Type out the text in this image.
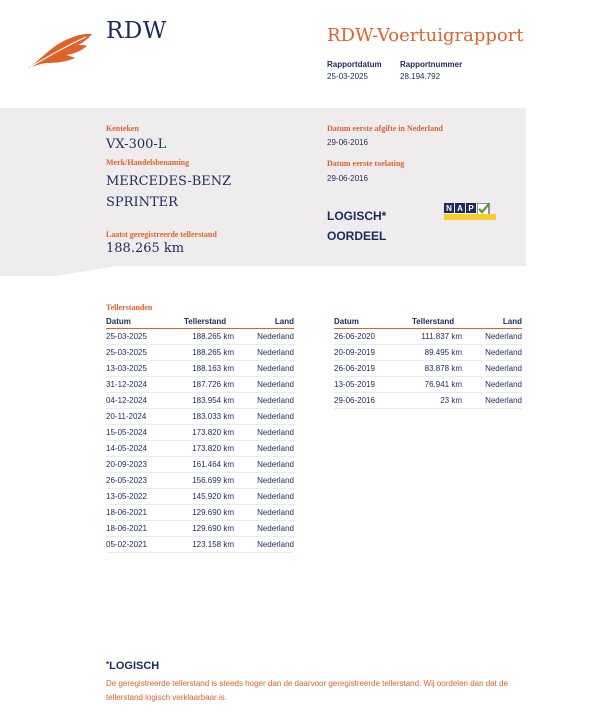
RDW	RDW-Voertuigrapport
Rapportdatum
25-03-2025
Rapportnummer
28.194.792
Kenteken
VX-300-L
Merk/Handelsbenaming
MERCEDES-BENZ
SPRINTER
Laatst geregistreerde tellerstand
188.265 km
Datum eerste afgifte in Nederland
29-06-2016
Datum eerste toelating
29-06-2016
LOGISCH*
OORDEEL
N A P
Tellerstanden
Datum	Tellerstand	Land
25-03-2025	188.265 km	Nederland
25-03-2025	188.265 km	Nederland
13-03-2025	188.163 km	Nederland
31-12-2024	187.726 km	Nederland
04-12-2024	183.954 km	Nederland
20-11-2024	183.033 km	Nederland
15-05-2024	173.820 km	Nederland
14-05-2024	173.820 km	Nederland
20-09-2023	161.464 km	Nederland
26-05-2023	156.699 km	Nederland
13-05-2022	145.920 km	Nederland
18-06-2021	129.690 km	Nederland
18-06-2021	129.690 km	Nederland
05-02-2021	123.158 km	Nederland
Datum	Tellerstand	Land
26-06-2020	111.837 km	Nederland
20-09-2019	89.495 km	Nederland
26-06-2019	83.878 km	Nederland
13-05-2019	76.941 km	Nederland
29-06-2016	23 km	Nederland
*LOGISCH
De geregistreerde tellerstand is steeds hoger dan de daarvoor geregistreerde tellerstand. Wij oordelen dan dat de tellerstand logisch verklaarbaar is.
